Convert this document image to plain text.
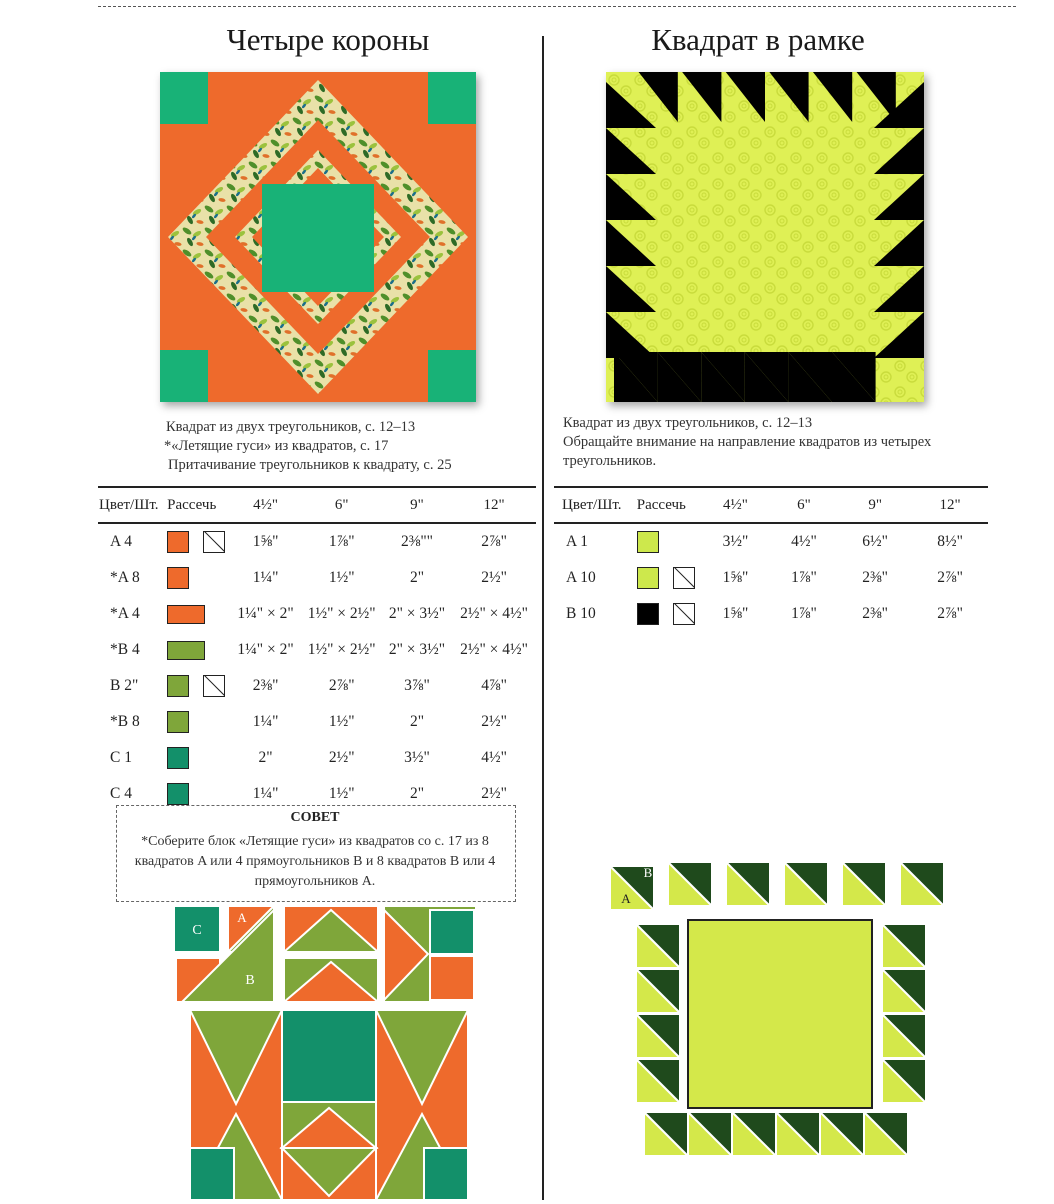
Четыре короны
Квадрат из двух треугольников, с. 12–13
*«Летящие гуси» из квадратов, с. 17
Притачивание треугольников к квадрату, с. 25
Цвет/Шт.	Рассечь	4½"	6"	9"	12"
A 4		1⅝"	1⅞"	2⅜""	2⅞"
*A 8		1¼"	1½"	2"	2½"
*A 4		1¼" × 2"	1½" × 2½"	2" × 3½"	2½" × 4½"
*B 4		1¼" × 2"	1½" × 2½"	2" × 3½"	2½" × 4½"
B 2"		2⅜"	2⅞"	3⅞"	4⅞"
*B 8		1¼"	1½"	2"	2½"
C 1		2"	2½"	3½"	4½"
C 4		1¼"	1½"	2"	2½"
СОВЕТ
*Соберите блок «Летящие гуси» из квадратов со с. 17 из 8 квадратов A или 4 прямоугольников B и 8 квадратов B или 4 прямоугольников A.
C
A
B
Квадрат в рамке
Квадрат из двух треугольников, с. 12–13
Обращайте внимание на направление квадратов из четырех треугольников.
Цвет/Шт.	Рассечь	4½"	6"	9"	12"
A 1		3½"	4½"	6½"	8½"
A 10		1⅝"	1⅞"	2⅜"	2⅞"
B 10		1⅝"	1⅞"	2⅜"	2⅞"
B
A
